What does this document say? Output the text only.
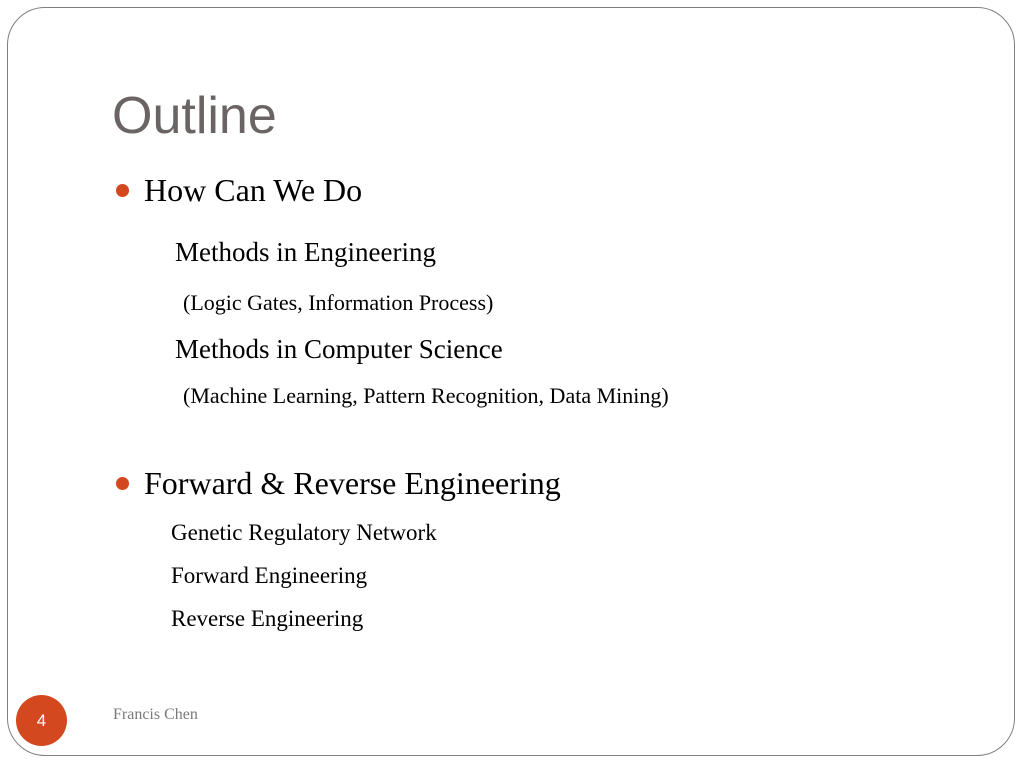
Outline
How Can We Do
Methods in Engineering
(Logic Gates, Information Process)
Methods in Computer Science
(Machine Learning, Pattern Recognition, Data Mining)
Forward & Reverse Engineering
Genetic Regulatory Network
Forward Engineering
Reverse Engineering
4	Francis Chen
